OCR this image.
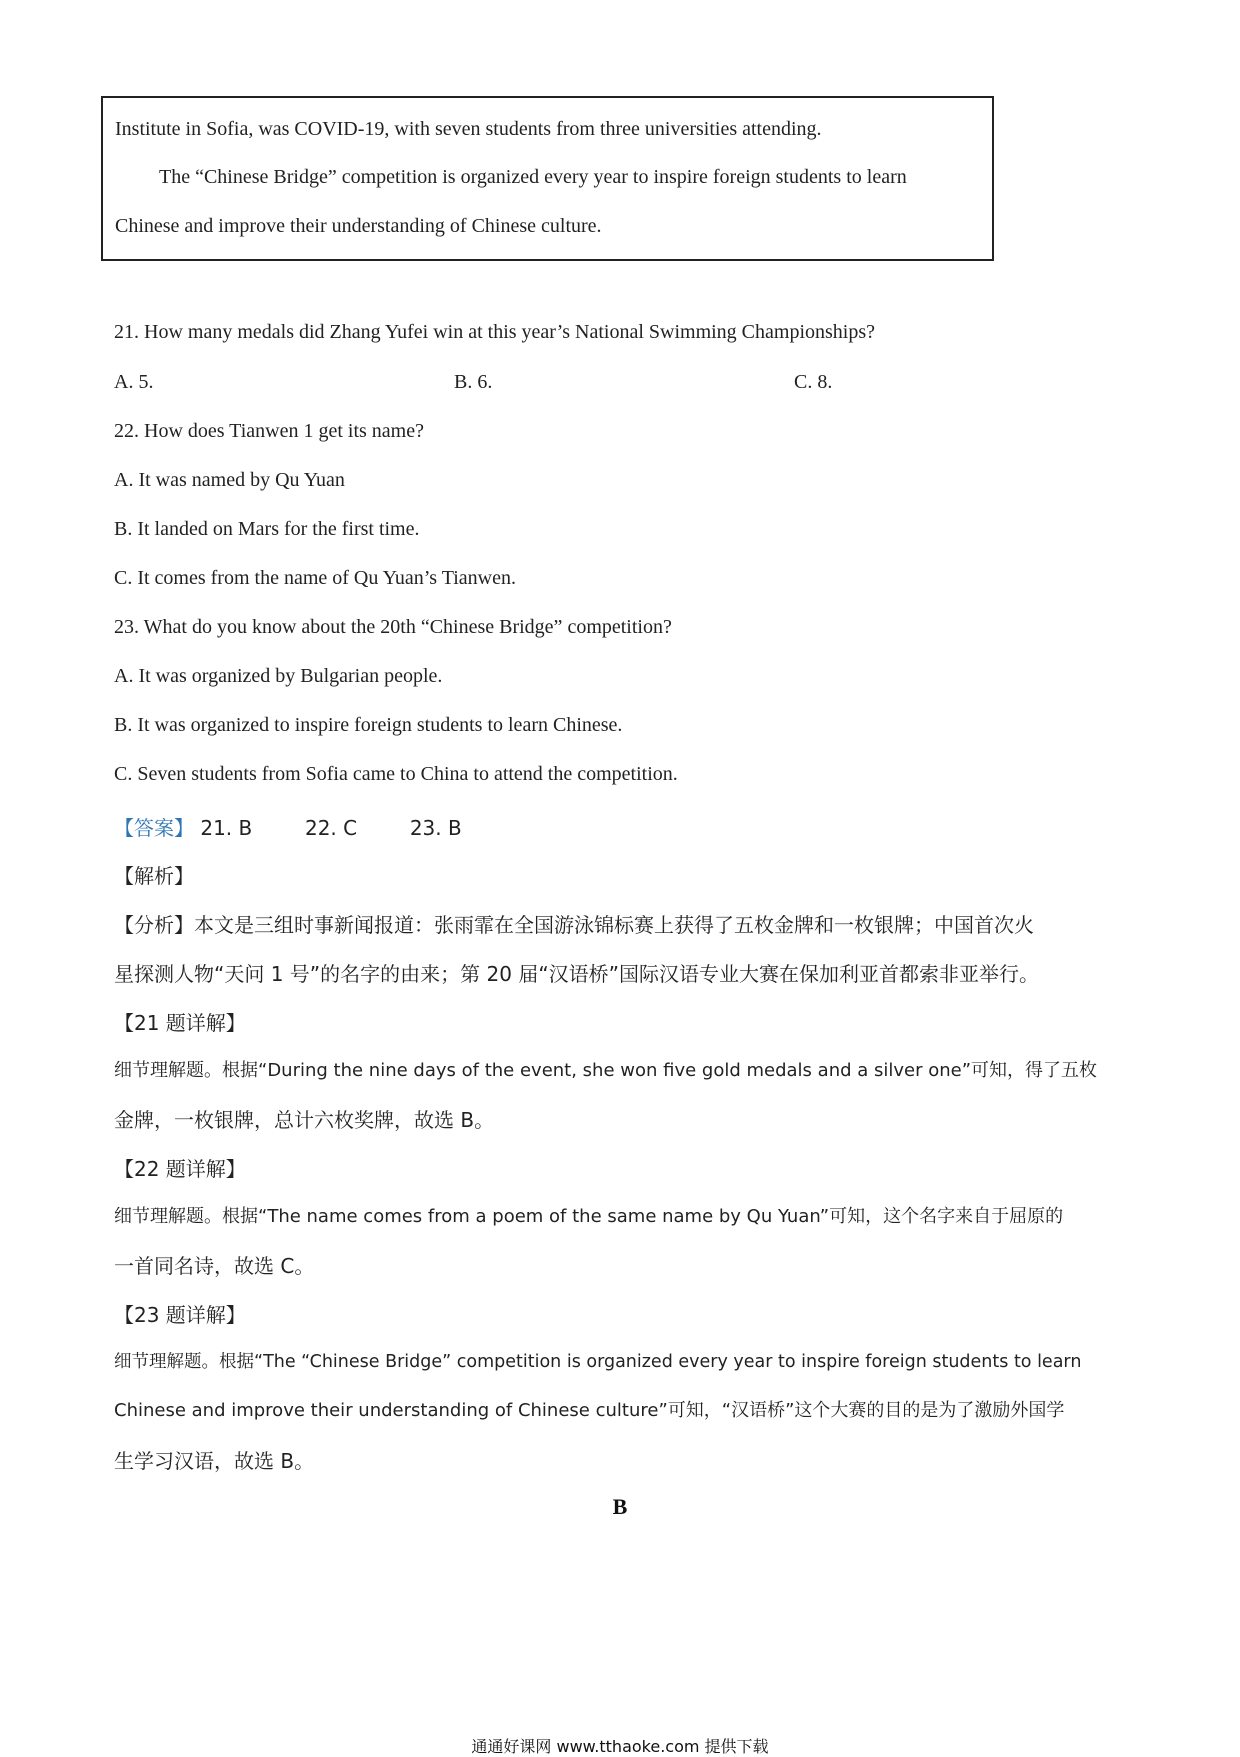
Institute in Sofia, was COVID-19, with seven students from three universities attending.

The “Chinese Bridge” competition is organized every year to inspire foreign students to learn

Chinese and improve their understanding of Chinese culture.

21. How many medals did Zhang Yufei win at this year’s National Swimming Championships?
A. 5.	B. 6.	C. 8.
22. How does Tianwen 1 get its name?
A. It was named by Qu Yuan
B. It landed on Mars for the first time.
C. It comes from the name of Qu Yuan’s Tianwen.
23. What do you know about the 20th “Chinese Bridge” competition?
A. It was organized by Bulgarian people.
B. It was organized to inspire foreign students to learn Chinese.
C. Seven students from Sofia came to China to attend the competition.
【答案】 21. B	22. C	23. B
【解析】
【分析】本文是三组时事新闻报道：张雨霏在全国游泳锦标赛上获得了五枚金牌和一枚银牌；中国首次火
星探测人物“天问 1 号”的名字的由来；第 20 届“汉语桥”国际汉语专业大赛在保加利亚首都索非亚举行。
【21 题详解】
细节理解题。根据“During the nine days of the event, she won five gold medals and a silver one”可知，得了五枚
金牌，一枚银牌，总计六枚奖牌，故选 B。
【22 题详解】
细节理解题。根据“The name comes from a poem of the same name by Qu Yuan”可知，这个名字来自于屈原的
一首同名诗，故选 C。
【23 题详解】
细节理解题。根据“The “Chinese Bridge” competition is organized every year to inspire foreign students to learn
Chinese and improve their understanding of Chinese culture”可知，“汉语桥”这个大赛的目的是为了激励外国学
生学习汉语，故选 B。
B
通通好课网 www.tthaoke.com 提供下载
